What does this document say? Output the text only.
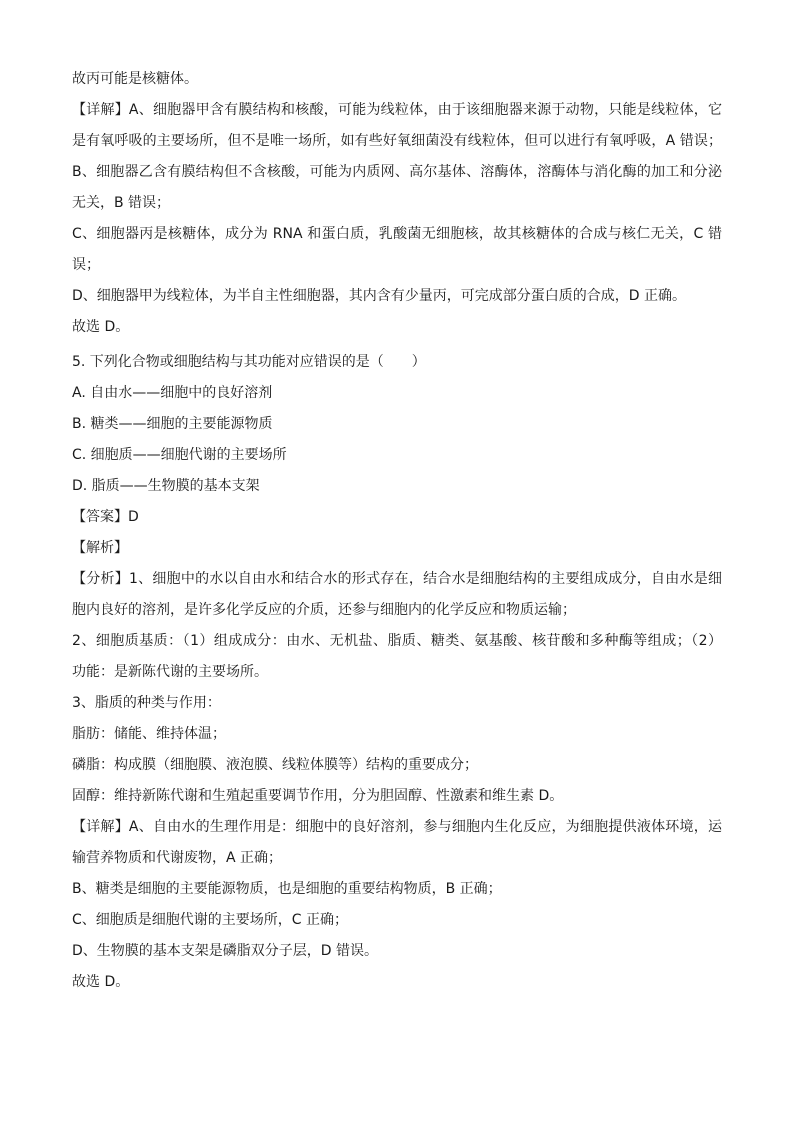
故丙可能是核糖体。
【详解】A、细胞器甲含有膜结构和核酸，可能为线粒体，由于该细胞器来源于动物，只能是线粒体，它
是有氧呼吸的主要场所，但不是唯一场所，如有些好氧细菌没有线粒体，但可以进行有氧呼吸，A 错误；
B、细胞器乙含有膜结构但不含核酸，可能为内质网、高尔基体、溶酶体，溶酶体与消化酶的加工和分泌
无关，B 错误；
C、细胞器丙是核糖体，成分为 RNA 和蛋白质，乳酸菌无细胞核，故其核糖体的合成与核仁无关，C 错
误；
D、细胞器甲为线粒体，为半自主性细胞器，其内含有少量丙，可完成部分蛋白质的合成，D 正确。
故选 D。
5. 下列化合物或细胞结构与其功能对应错误的是（　　）
A. 自由水——细胞中的良好溶剂
B. 糖类——细胞的主要能源物质
C. 细胞质——细胞代谢的主要场所
D. 脂质——生物膜的基本支架
【答案】D
【解析】
【分析】1、细胞中的水以自由水和结合水的形式存在，结合水是细胞结构的主要组成成分，自由水是细
胞内良好的溶剂，是许多化学反应的介质，还参与细胞内的化学反应和物质运输；
2、细胞质基质：（1）组成成分：由水、无机盐、脂质、糖类、氨基酸、核苷酸和多种酶等组成；（2）
功能：是新陈代谢的主要场所。
3、脂质的种类与作用：
脂肪：储能、维持体温；
磷脂：构成膜（细胞膜、液泡膜、线粒体膜等）结构的重要成分；
固醇：维持新陈代谢和生殖起重要调节作用，分为胆固醇、性激素和维生素 D。
【详解】A、自由水的生理作用是：细胞中的良好溶剂，参与细胞内生化反应，为细胞提供液体环境，运
输营养物质和代谢废物，A 正确；
B、糖类是细胞的主要能源物质，也是细胞的重要结构物质，B 正确；
C、细胞质是细胞代谢的主要场所，C 正确；
D、生物膜的基本支架是磷脂双分子层，D 错误。
故选 D。
